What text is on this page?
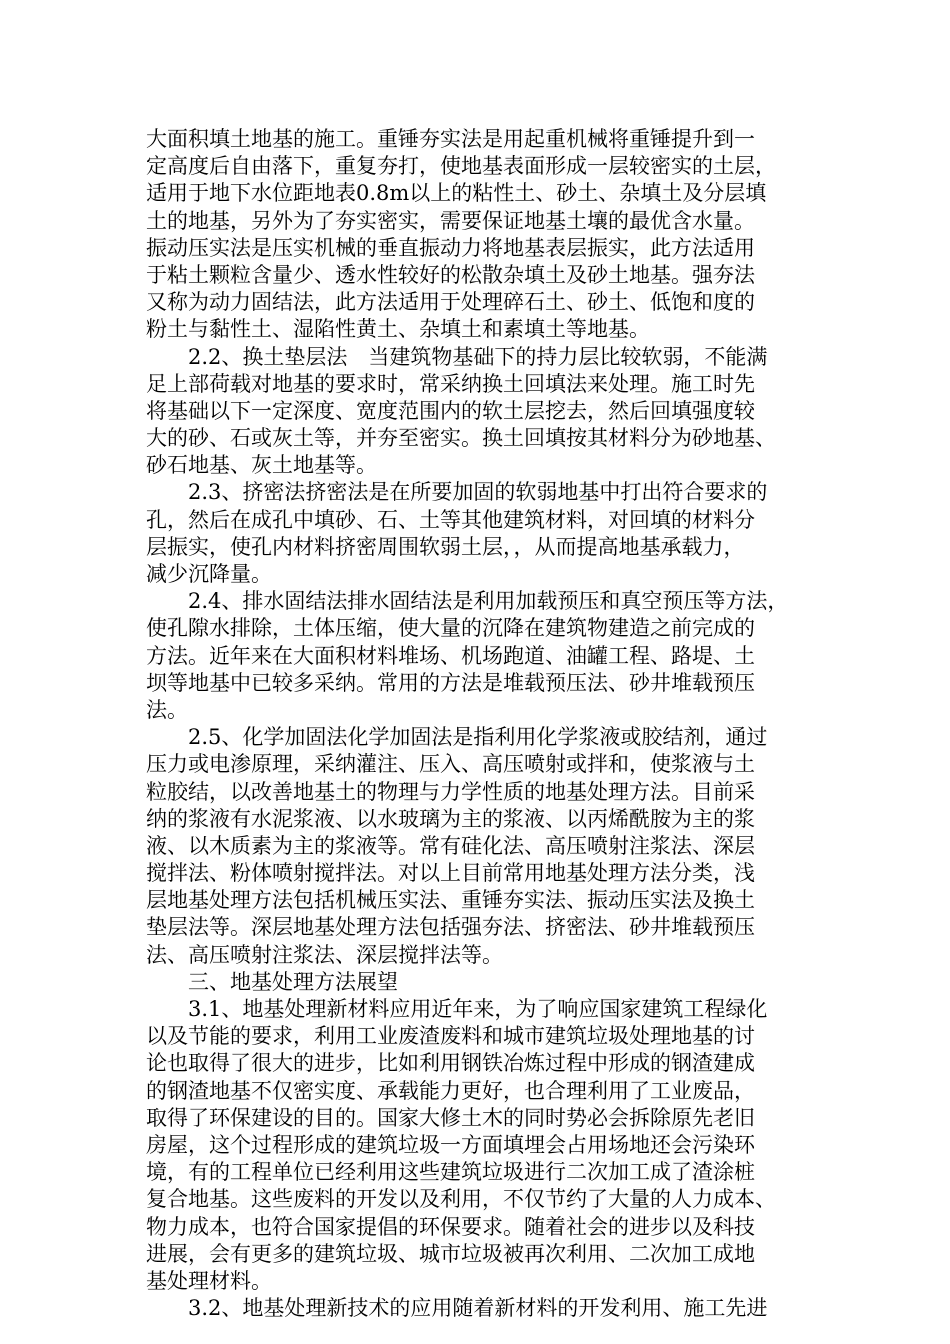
大面积填土地基的施工。重锤夯实法是用起重机械将重锤提升到一
定高度后自由落下，重复夯打，使地基表面形成一层较密实的土层，
适用于地下水位距地表0.8m以上的粘性土、砂土、杂填土及分层填
土的地基，另外为了夯实密实，需要保证地基土壤的最优含水量。
振动压实法是压实机械的垂直振动力将地基表层振实，此方法适用
于粘土颗粒含量少、透水性较好的松散杂填土及砂土地基。强夯法
又称为动力固结法，此方法适用于处理碎石土、砂土、低饱和度的
粉土与黏性土、湿陷性黄土、杂填土和素填土等地基。
2.2、换土垫层法　当建筑物基础下的持力层比较软弱，不能满
足上部荷载对地基的要求时，常采纳换土回填法来处理。施工时先
将基础以下一定深度、宽度范围内的软土层挖去，然后回填强度较
大的砂、石或灰土等，并夯至密实。换土回填按其材料分为砂地基、
砂石地基、灰土地基等。
2.3、挤密法挤密法是在所要加固的软弱地基中打出符合要求的
孔，然后在成孔中填砂、石、土等其他建筑材料，对回填的材料分
层振实，使孔内材料挤密周围软弱土层，，从而提高地基承载力，
减少沉降量。
2.4、排水固结法排水固结法是利用加载预压和真空预压等方法，
使孔隙水排除，土体压缩，使大量的沉降在建筑物建造之前完成的
方法。近年来在大面积材料堆场、机场跑道、油罐工程、路堤、土
坝等地基中已较多采纳。常用的方法是堆载预压法、砂井堆载预压
法。
2.5、化学加固法化学加固法是指利用化学浆液或胶结剂，通过
压力或电渗原理，采纳灌注、压入、高压喷射或拌和，使浆液与土
粒胶结，以改善地基土的物理与力学性质的地基处理方法。目前采
纳的浆液有水泥浆液、以水玻璃为主的浆液、以丙烯酰胺为主的浆
液、以木质素为主的浆液等。常有硅化法、高压喷射注浆法、深层
搅拌法、粉体喷射搅拌法。对以上目前常用地基处理方法分类，浅
层地基处理方法包括机械压实法、重锤夯实法、振动压实法及换土
垫层法等。深层地基处理方法包括强夯法、挤密法、砂井堆载预压
法、高压喷射注浆法、深层搅拌法等。
三、地基处理方法展望
3.1、地基处理新材料应用近年来，为了响应国家建筑工程绿化
以及节能的要求，利用工业废渣废料和城市建筑垃圾处理地基的讨
论也取得了很大的进步，比如利用钢铁冶炼过程中形成的钢渣建成
的钢渣地基不仅密实度、承载能力更好，也合理利用了工业废品，
取得了环保建设的目的。国家大修土木的同时势必会拆除原先老旧
房屋，这个过程形成的建筑垃圾一方面填埋会占用场地还会污染环
境，有的工程单位已经利用这些建筑垃圾进行二次加工成了渣涂桩
复合地基。这些废料的开发以及利用，不仅节约了大量的人力成本、
物力成本，也符合国家提倡的环保要求。随着社会的进步以及科技
进展，会有更多的建筑垃圾、城市垃圾被再次利用、二次加工成地
基处理材料。
3.2、地基处理新技术的应用随着新材料的开发利用、施工先进
